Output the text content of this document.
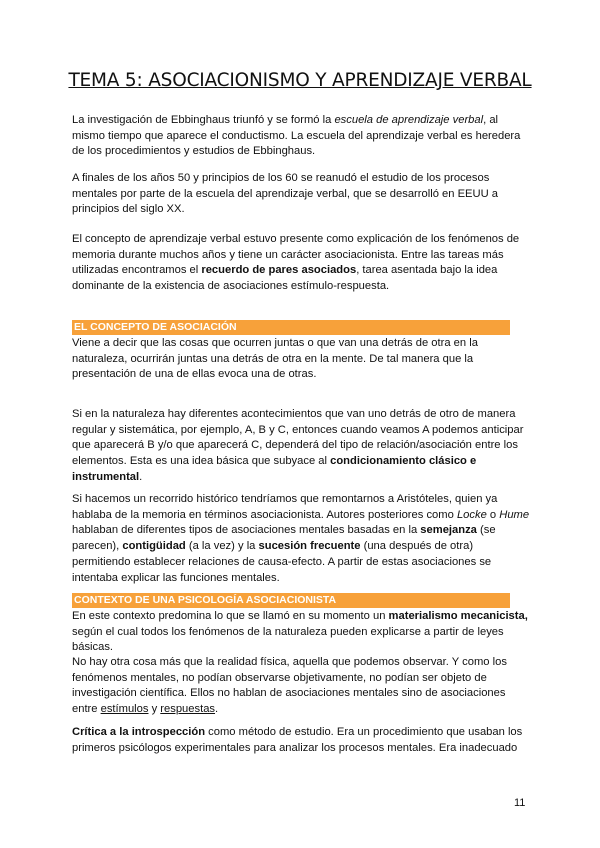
TEMA 5: ASOCIACIONISMO Y APRENDIZAJE VERBAL

La investigación de Ebbinghaus triunfó y se formó la escuela de aprendizaje verbal, al mismo tiempo que aparece el conductismo. La escuela del aprendizaje verbal es heredera de los procedimientos y estudios de Ebbinghaus.

A finales de los años 50 y principios de los 60 se reanudó el estudio de los procesos mentales por parte de la escuela del aprendizaje verbal, que se desarrolló en EEUU a principios del siglo XX.

El concepto de aprendizaje verbal estuvo presente como explicación de los fenómenos de memoria durante muchos años y tiene un carácter asociacionista. Entre las tareas más utilizadas encontramos el recuerdo de pares asociados, tarea asentada bajo la idea dominante de la existencia de asociaciones estímulo-respuesta.

EL CONCEPTO DE ASOCIACIÓN

Viene a decir que las cosas que ocurren juntas o que van una detrás de otra en la naturaleza, ocurrirán juntas una detrás de otra en la mente. De tal manera que la presentación de una de ellas evoca una de otras.

Si en la naturaleza hay diferentes acontecimientos que van uno detrás de otro de manera regular y sistemática, por ejemplo, A, B y C, entonces cuando veamos A podemos anticipar que aparecerá B y/o que aparecerá C, dependerá del tipo de relación/asociación entre los elementos. Esta es una idea básica que subyace al condicionamiento clásico e instrumental.

Si hacemos un recorrido histórico tendríamos que remontarnos a Aristóteles, quien ya hablaba de la memoria en términos asociacionista. Autores posteriores como Locke o Hume hablaban de diferentes tipos de asociaciones mentales basadas en la semejanza (se parecen), contigüidad (a la vez) y la sucesión frecuente (una después de otra) permitiendo establecer relaciones de causa-efecto. A partir de estas asociaciones se intentaba explicar las funciones mentales.

CONTEXTO DE UNA PSICOLOGÍA ASOCIACIONISTA

En este contexto predomina lo que se llamó en su momento un materialismo mecanicista, según el cual todos los fenómenos de la naturaleza pueden explicarse a partir de leyes básicas.

No hay otra cosa más que la realidad física, aquella que podemos observar. Y como los fenómenos mentales, no podían observarse objetivamente, no podían ser objeto de investigación científica. Ellos no hablan de asociaciones mentales sino de asociaciones entre estímulos y respuestas.

Crítica a la introspección como método de estudio. Era un procedimiento que usaban los primeros psicólogos experimentales para analizar los procesos mentales. Era inadecuado

11
